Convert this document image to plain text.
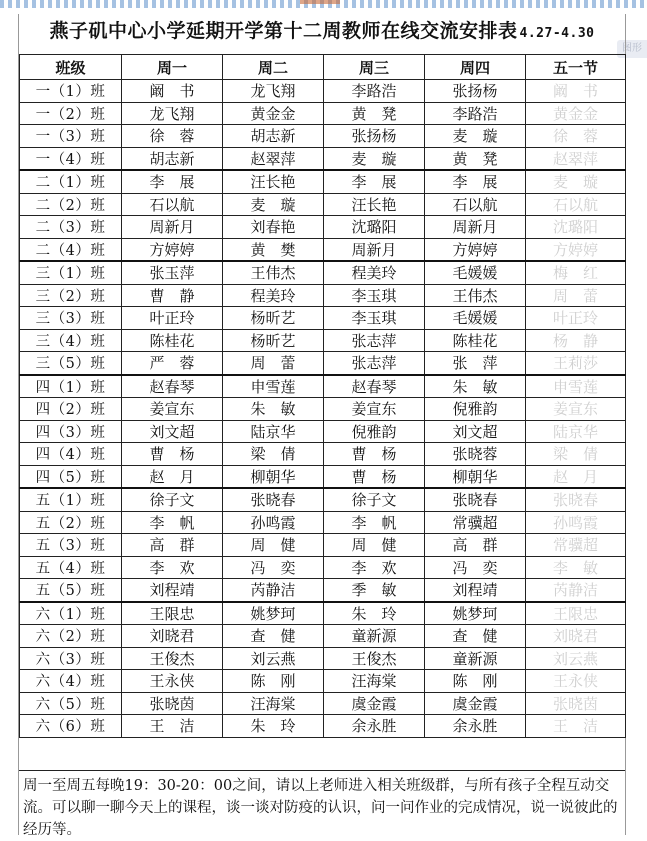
图形
燕子矶中心小学延期开学第十二周教师在线交流安排表 4.27-4.30
班级	周一	周二	周三	周四	五一节
一（1）班	阚　书	龙飞翔	李路浩	张扬杨	阚　书
一（2）班	龙飞翔	黄金金	黄　凳	李路浩	黄金金
一（3）班	徐　蓉	胡志新	张扬杨	麦　璇	徐　蓉
一（4）班	胡志新	赵翠萍	麦　璇	黄　凳	赵翠萍
二（1）班	李　展	汪长艳	李　展	李　展	麦　璇
二（2）班	石以航	麦　璇	汪长艳	石以航	石以航
二（3）班	周新月	刘春艳	沈璐阳	周新月	沈璐阳
二（4）班	方婷婷	黄　樊	周新月	方婷婷	方婷婷
三（1）班	张玉萍	王伟杰	程美玲	毛媛媛	梅　红
三（2）班	曹　静	程美玲	李玉琪	王伟杰	周　蕾
三（3）班	叶正玲	杨昕艺	李玉琪	毛媛媛	叶正玲
三（4）班	陈桂花	杨昕艺	张志萍	陈桂花	杨　静
三（5）班	严　蓉	周　蕾	张志萍	张　萍	王莉莎
四（1）班	赵春琴	申雪莲	赵春琴	朱　敏	申雪莲
四（2）班	姜宣东	朱　敏	姜宣东	倪雅韵	姜宣东
四（3）班	刘文超	陆京华	倪雅韵	刘文超	陆京华
四（4）班	曹　杨	梁　倩	曹　杨	张晓蓉	梁　倩
四（5）班	赵　月	柳朝华	曹　杨	柳朝华	赵　月
五（1）班	徐子文	张晓春	徐子文	张晓春	张晓春
五（2）班	李　帆	孙鸣霞	李　帆	常骥超	孙鸣霞
五（3）班	高　群	周　健	周　健	高　群	常骥超
五（4）班	李　欢	冯　奕	李　欢	冯　奕	李　敏
五（5）班	刘程靖	芮静洁	季　敏	刘程靖	芮静洁
六（1）班	王限忠	姚梦珂	朱　玲	姚梦珂	王限忠
六（2）班	刘晓君	查　健	童新源	查　健	刘晓君
六（3）班	王俊杰	刘云燕	王俊杰	童新源	刘云燕
六（4）班	王永侠	陈　刚	汪海棠	陈　刚	王永侠
六（5）班	张晓茵	汪海棠	虞金霞	虞金霞	张晓茵
六（6）班	王　洁	朱　玲	余永胜	余永胜	王　洁
周一至周五每晚19：30-20：00之间，请以上老师进入相关班级群，与所有孩子全程互动交流。可以聊一聊今天上的课程，谈一谈对防疫的认识，问一问作业的完成情况，说一说彼此的经历等。
